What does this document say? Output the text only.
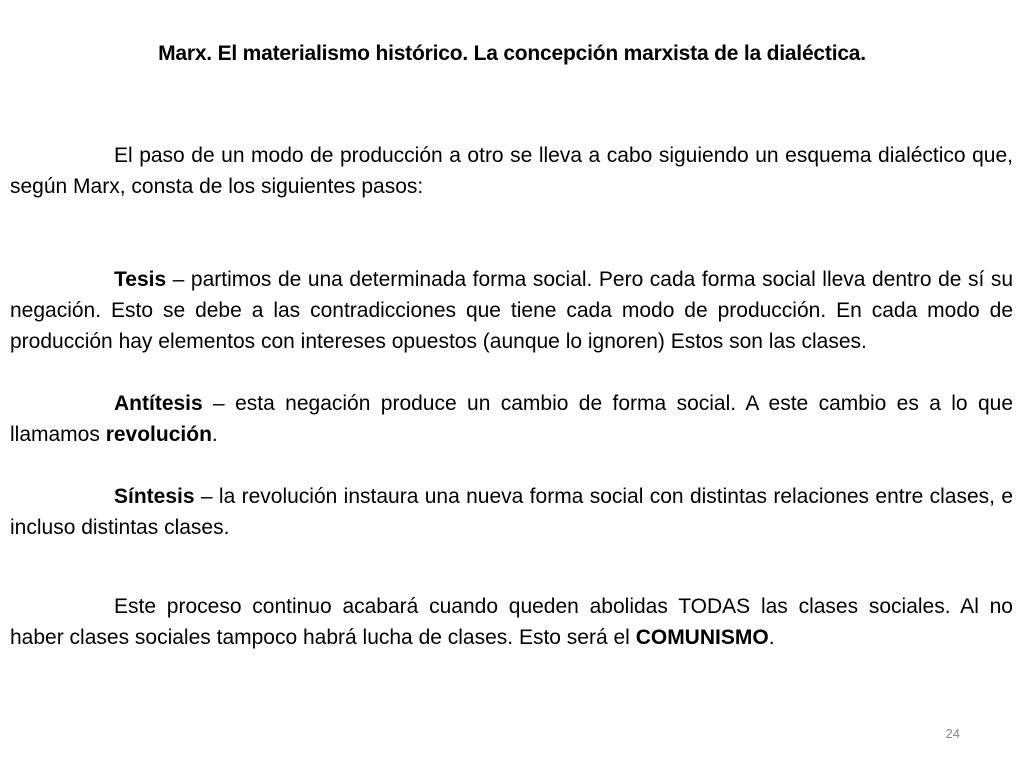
Marx. El materialismo histórico. La concepción marxista de la dialéctica.

El paso de un modo de producción a otro se lleva a cabo siguiendo un esquema dialéctico que, según Marx, consta de los siguientes pasos:

Tesis – partimos de una determinada forma social. Pero cada forma social lleva dentro de sí su negación. Esto se debe a las contradicciones que tiene cada modo de producción. En cada modo de producción hay elementos con intereses opuestos (aunque lo ignoren) Estos son las clases.

Antítesis – esta negación produce un cambio de forma social. A este cambio es a lo que llamamos revolución.

Síntesis – la revolución instaura una nueva forma social con distintas relaciones entre clases, e incluso distintas clases.

Este proceso continuo acabará cuando queden abolidas TODAS las clases sociales. Al no haber clases sociales tampoco habrá lucha de clases. Esto será el COMUNISMO.

24
